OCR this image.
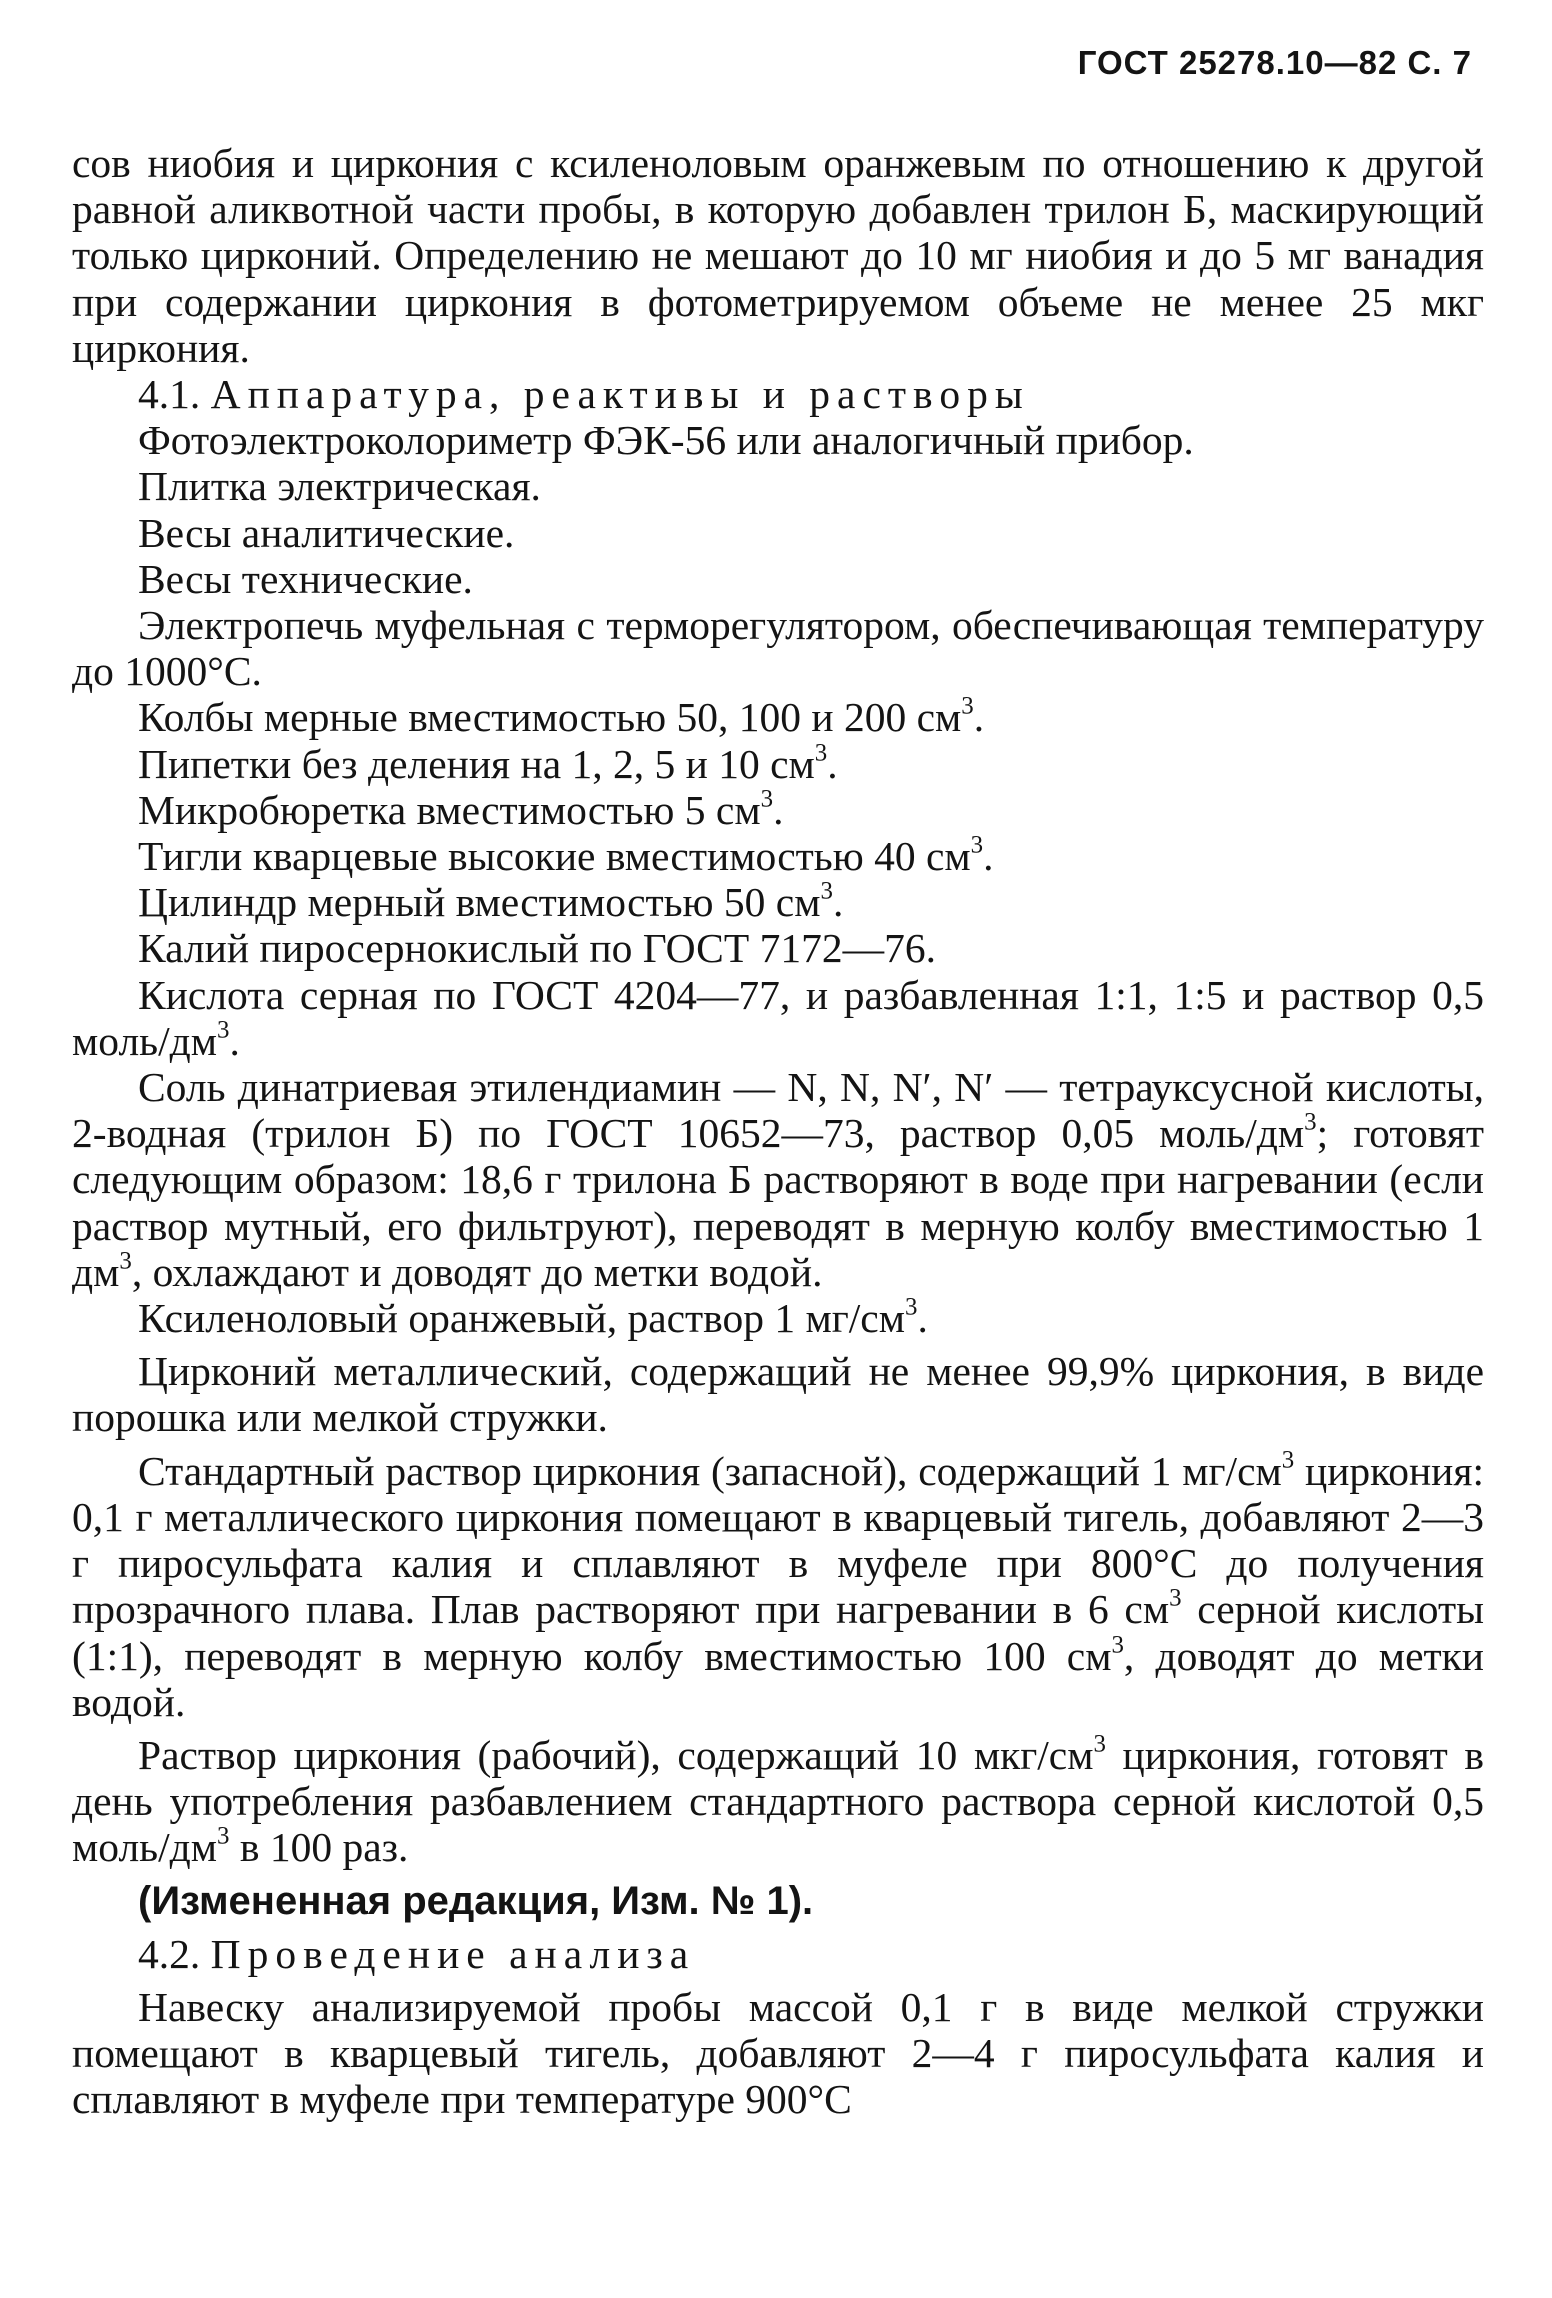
ГОСТ 25278.10—82 С. 7

сов ниобия и циркония с ксиленоловым оранжевым по отношению к другой равной аликвотной части пробы, в которую добавлен трилон Б, маскирующий только цирконий. Определению не мешают до 10 мг ниобия и до 5 мг ванадия при содержании циркония в фотометрируемом объеме не менее 25 мкг циркония.

4.1. Аппаратура, реактивы и растворы

Фотоэлектроколориметр ФЭК-56 или аналогичный прибор.

Плитка электрическая.

Весы аналитические.

Весы технические.

Электропечь муфельная с терморегулятором, обеспечивающая температуру до 1000°С.

Колбы мерные вместимостью 50, 100 и 200 $см^3$.

Пипетки без деления на 1, 2, 5 и 10 $см^3$.

Микробюретка вместимостью 5 $см^3$.

Тигли кварцевые высокие вместимостью 40 $см^3$.

Цилиндр мерный вместимостью 50 $см^3$.

Калий пиросернокислый по ГОСТ 7172—76.

Кислота серная по ГОСТ 4204—77, и разбавленная 1:1, 1:5 и раствор 0,5 моль/$дм^3$.

Соль динатриевая этилендиамин — N, N, N′, N′ — тетрауксусной кислоты, 2-водная (трилон Б) по ГОСТ 10652—73, раствор 0,05 моль/$дм^3$; готовят следующим образом: 18,6 г трилона Б растворяют в воде при нагревании (если раствор мутный, его фильтруют), переводят в мерную колбу вместимостью 1 $дм^3$, охлаждают и доводят до метки водой.

Ксиленоловый оранжевый, раствор 1 $мг/см^3$.

Цирконий металлический, содержащий не менее 99,9% циркония, в виде порошка или мелкой стружки.

Стандартный раствор циркония (запасной), содержащий 1 $мг/см^3$ циркония: 0,1 г металлического циркония помещают в кварцевый тигель, добавляют 2—3 г пиросульфата калия и сплавляют в муфеле при 800°С до получения прозрачного плава. Плав растворяют при нагревании в 6 $см^3$ серной кислоты (1:1), переводят в мерную колбу вместимостью 100 $см^3$, доводят до метки водой.

Раствор циркония (рабочий), содержащий 10 мкг/$см^3$ циркония, готовят в день употребления разбавлением стандартного раствора серной кислотой 0,5 моль/$дм^3$ в 100 раз.

(Измененная редакция, Изм. № 1).

4.2. Проведение анализа

Навеску анализируемой пробы массой 0,1 г в виде мелкой стружки помещают в кварцевый тигель, добавляют 2—4 г пиросульфата калия и сплавляют в муфеле при температуре 900°С
